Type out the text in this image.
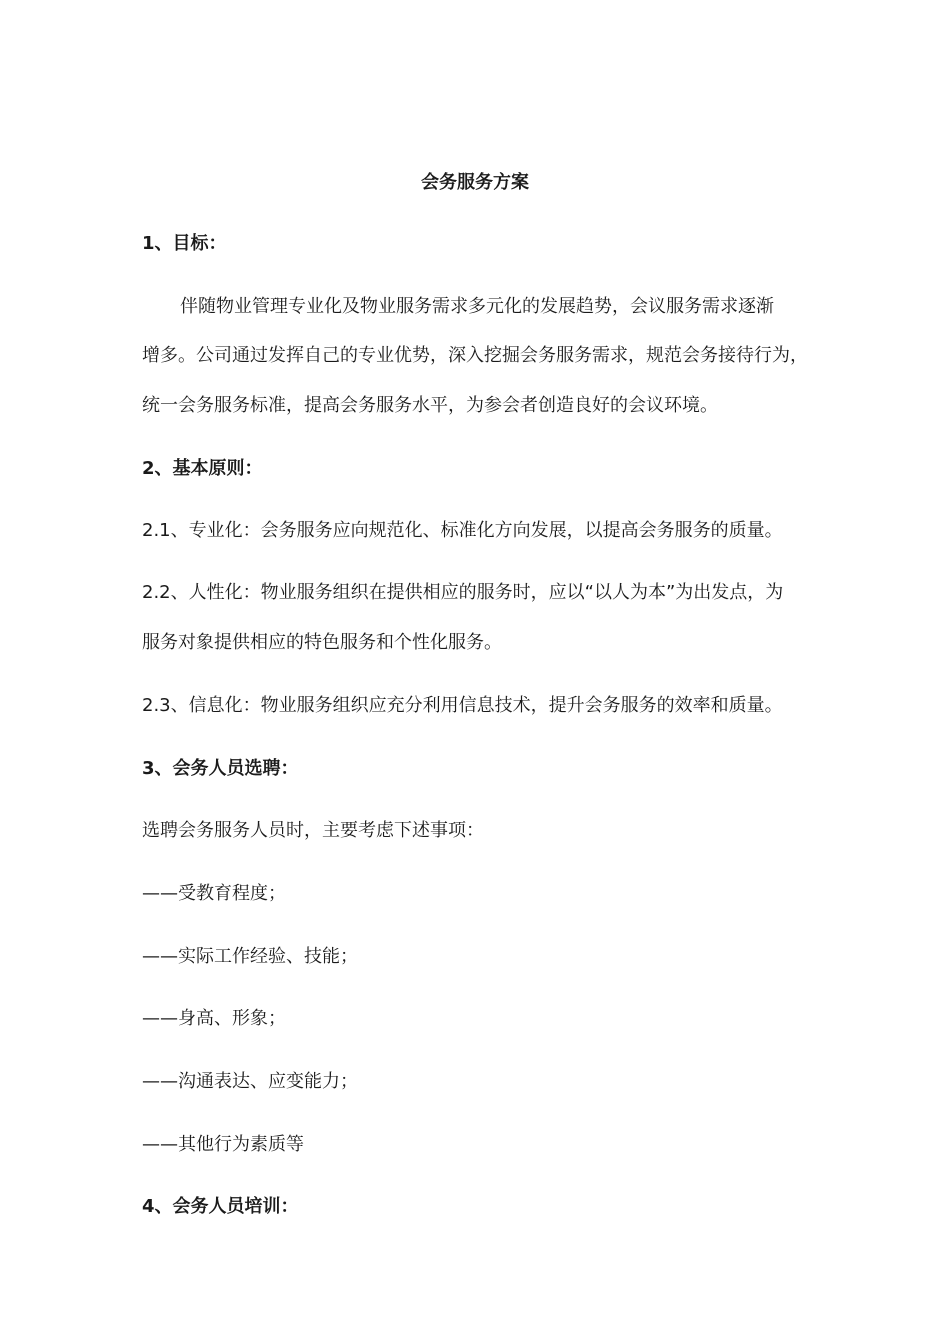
会务服务方案
1、目标：
伴随物业管理专业化及物业服务需求多元化的发展趋势，会议服务需求逐渐
增多。公司通过发挥自己的专业优势，深入挖掘会务服务需求，规范会务接待行为，
统一会务服务标准，提高会务服务水平，为参会者创造良好的会议环境。
2、基本原则：
2.1、专业化：会务服务应向规范化、标准化方向发展，以提高会务服务的质量。
2.2、人性化：物业服务组织在提供相应的服务时，应以“以人为本”为出发点，为
服务对象提供相应的特色服务和个性化服务。
2.3、信息化：物业服务组织应充分利用信息技术，提升会务服务的效率和质量。
3、会务人员选聘：
选聘会务服务人员时，主要考虑下述事项：
——受教育程度；
——实际工作经验、技能；
——身高、形象；
——沟通表达、应变能力；
——其他行为素质等
4、会务人员培训：
